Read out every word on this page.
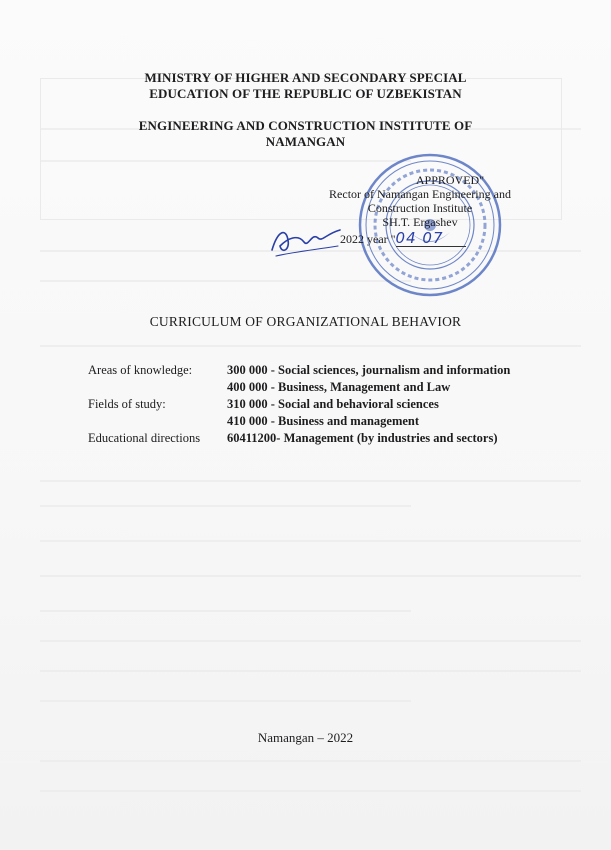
MINISTRY OF HIGHER AND SECONDARY SPECIAL
EDUCATION OF THE REPUBLIC OF UZBEKISTAN
ENGINEERING AND CONSTRUCTION INSTITUTE OF
NAMANGAN
APPROVED"
Rector of Namangan Engineering and
Construction Institute
SH.T. Ergashev
2022 year "04 07
CURRICULUM OF ORGANIZATIONAL BEHAVIOR
Areas of knowledge:	300 000 - Social sciences, journalism and information
400 000 - Business, Management and Law
Fields of study:	310 000 - Social and behavioral sciences
410 000 - Business and management
Educational directions	60411200- Management (by industries and sectors)
Namangan – 2022
